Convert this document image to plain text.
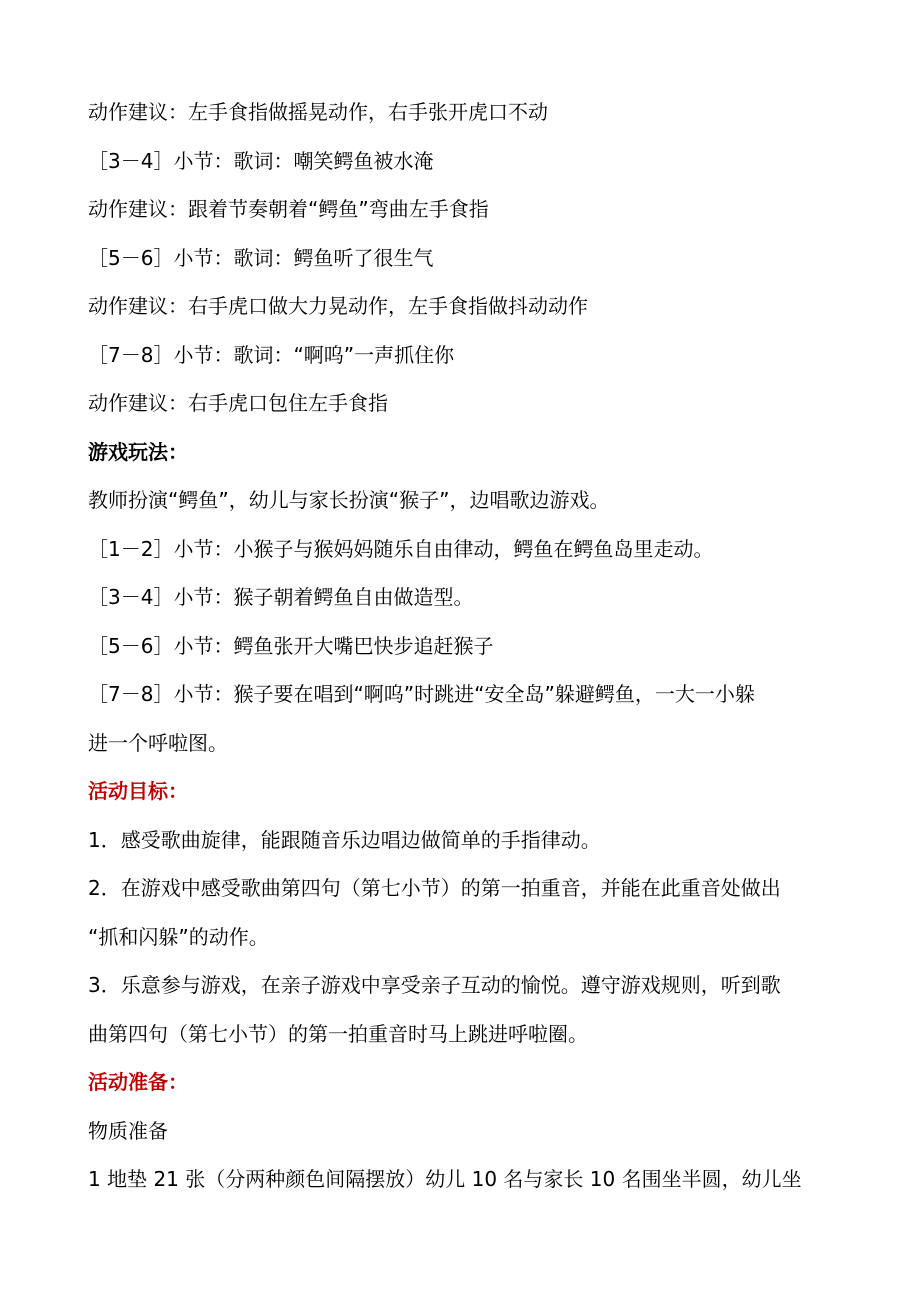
动作建议：左手食指做摇晃动作，右手张开虎口不动
［3－4］小节：歌词：嘲笑鳄鱼被水淹
动作建议：跟着节奏朝着“鳄鱼”弯曲左手食指
［5－6］小节：歌词：鳄鱼听了很生气
动作建议：右手虎口做大力晃动作，左手食指做抖动动作
［7－8］小节：歌词：“啊呜”一声抓住你
动作建议：右手虎口包住左手食指
游戏玩法：
教师扮演“鳄鱼”，幼儿与家长扮演“猴子”，边唱歌边游戏。
［1－2］小节：小猴子与猴妈妈随乐自由律动，鳄鱼在鳄鱼岛里走动。
［3－4］小节：猴子朝着鳄鱼自由做造型。
［5－6］小节：鳄鱼张开大嘴巴快步追赶猴子
［7－8］小节：猴子要在唱到“啊呜”时跳进“安全岛”躲避鳄鱼，一大一小躲
进一个呼啦图。
活动目标：
1．感受歌曲旋律，能跟随音乐边唱边做简单的手指律动。
2．在游戏中感受歌曲第四句（第七小节）的第一拍重音，并能在此重音处做出
“抓和闪躲”的动作。
3．乐意参与游戏，在亲子游戏中享受亲子互动的愉悦。遵守游戏规则，听到歌
曲第四句（第七小节）的第一拍重音时马上跳进呼啦圈。
活动准备：
物质准备
1 地垫 21 张（分两种颜色间隔摆放）幼儿 10 名与家长 10 名围坐半圆，幼儿坐
